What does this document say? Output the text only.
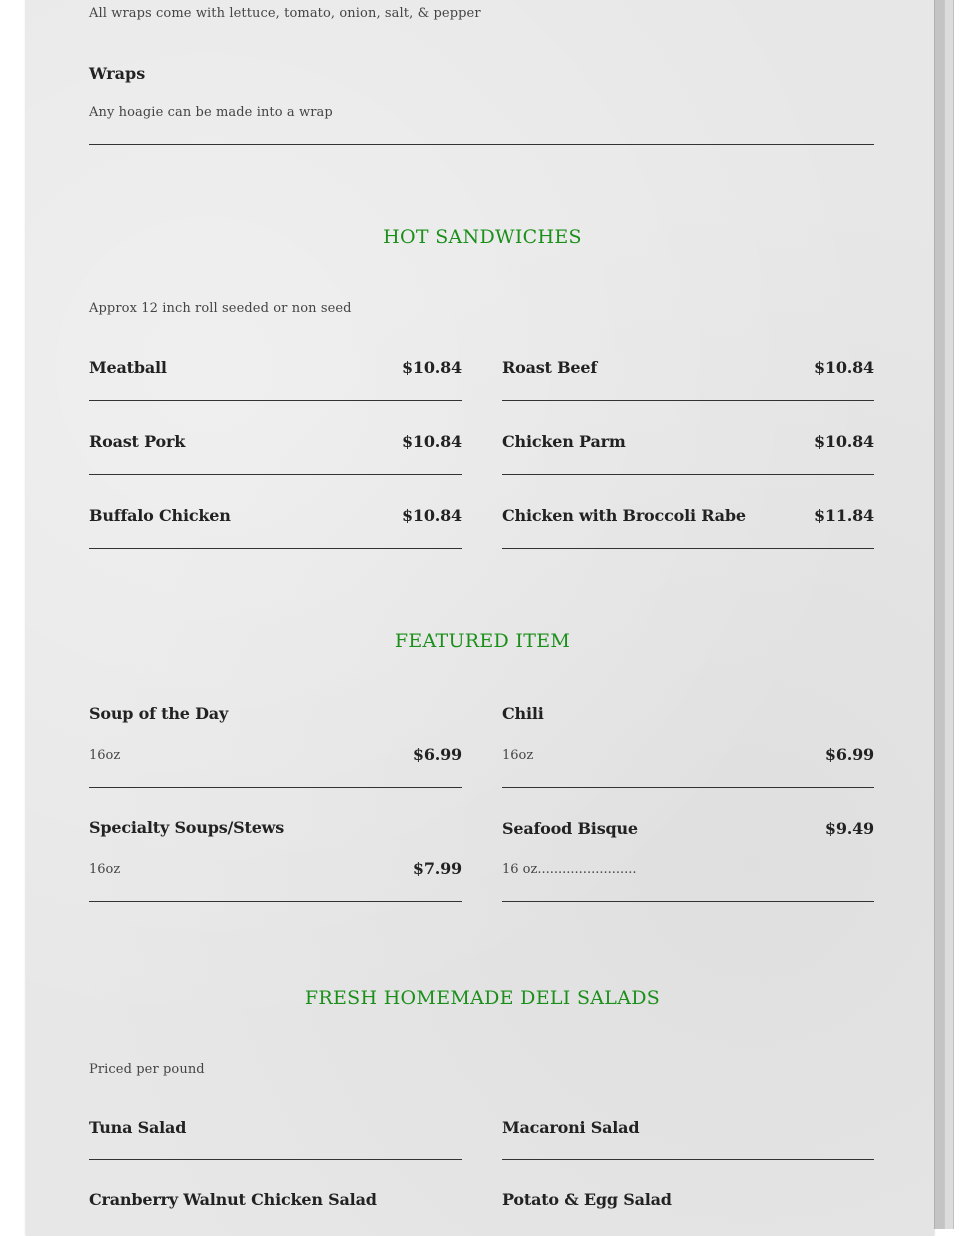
All wraps come with lettuce, tomato, onion, salt, & pepper
Wraps
Any hoagie can be made into a wrap
HOT SANDWICHES
Approx 12 inch roll seeded or non seed
Meatball	$10.84	Roast Beef	$10.84
Roast Pork	$10.84	Chicken Parm	$10.84
Buffalo Chicken	$10.84	Chicken with Broccoli Rabe	$11.84
FEATURED ITEM
Soup of the Day
16oz	$6.99
Chili
16oz	$6.99
Specialty Soups/Stews
16oz	$7.99
Seafood Bisque	$9.49
16 oz........................
FRESH HOMEMADE DELI SALADS
Priced per pound
Tuna Salad	Macaroni Salad
Cranberry Walnut Chicken Salad	Potato & Egg Salad
